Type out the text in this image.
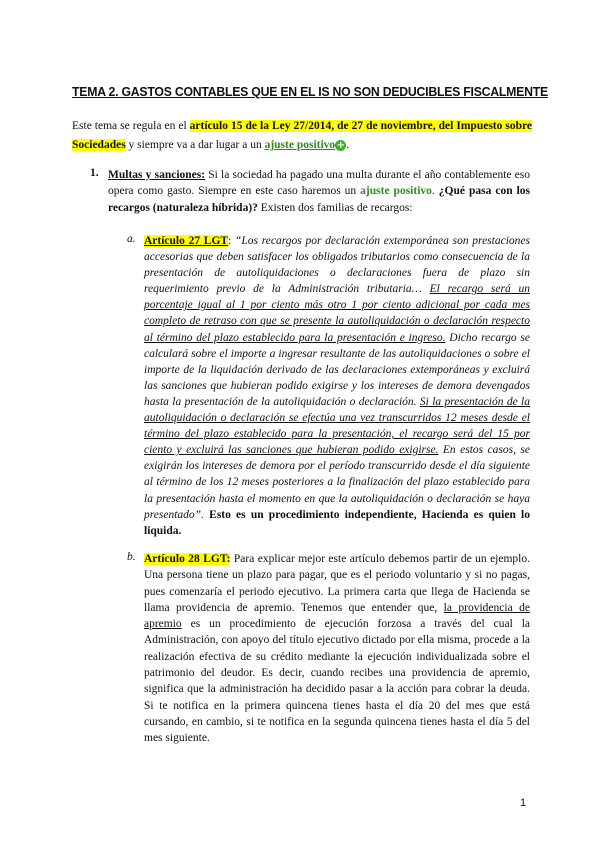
TEMA 2. GASTOS CONTABLES QUE EN EL IS NO SON DEDUCIBLES FISCALMENTE
Este tema se regula en el artículo 15 de la Ley 27/2014, de 27 de noviembre, del Impuesto sobre Sociedades y siempre va a dar lugar a un ajuste positivo+.
1. Multas y sanciones: Si la sociedad ha pagado una multa durante el año contablemente eso opera como gasto. Siempre en este caso haremos un ajuste positivo. ¿Qué pasa con los recargos (naturaleza híbrida)? Existen dos familias de recargos:
a. Artículo 27 LGT: “Los recargos por declaración extemporánea son prestaciones accesorias que deben satisfacer los obligados tributarios como consecuencia de la presentación de autoliquidaciones o declaraciones fuera de plazo sin requerimiento previo de la Administración tributaria… El recargo será un porcentaje igual al 1 por ciento más otro 1 por ciento adicional por cada mes completo de retraso con que se presente la autoliquidación o declaración respecto al término del plazo establecido para la presentación e ingreso. Dicho recargo se calculará sobre el importe a ingresar resultante de las autoliquidaciones o sobre el importe de la liquidación derivado de las declaraciones extemporáneas y excluirá las sanciones que hubieran podido exigirse y los intereses de demora devengados hasta la presentación de la autoliquidación o declaración. Si la presentación de la autoliquidación o declaración se efectúa una vez transcurridos 12 meses desde el término del plazo establecido para la presentación, el recargo será del 15 por ciento y excluirá las sanciones que hubieran podido exigirse. En estos casos, se exigirán los intereses de demora por el período transcurrido desde el día siguiente al término de los 12 meses posteriores a la finalización del plazo establecido para la presentación hasta el momento en que la autoliquidación o declaración se haya presentado”. Esto es un procedimiento independiente, Hacienda es quien lo liquida.
b. Artículo 28 LGT: Para explicar mejor este artículo debemos partir de un ejemplo. Una persona tiene un plazo para pagar, que es el periodo voluntario y si no pagas, pues comenzaría el periodo ejecutivo. La primera carta que llega de Hacienda se llama providencia de apremio. Tenemos que entender que, la providencia de apremio es un procedimiento de ejecución forzosa a través del cual la Administración, con apoyo del título ejecutivo dictado por ella misma, procede a la realización efectiva de su crédito mediante la ejecución individualizada sobre el patrimonio del deudor. Es decir, cuando recibes una providencia de apremio, significa que la administración ha decidido pasar a la acción para cobrar la deuda. Si te notifica en la primera quincena tienes hasta el día 20 del mes que está cursando, en cambio, si te notifica en la segunda quincena tienes hasta el día 5 del mes siguiente.
1
